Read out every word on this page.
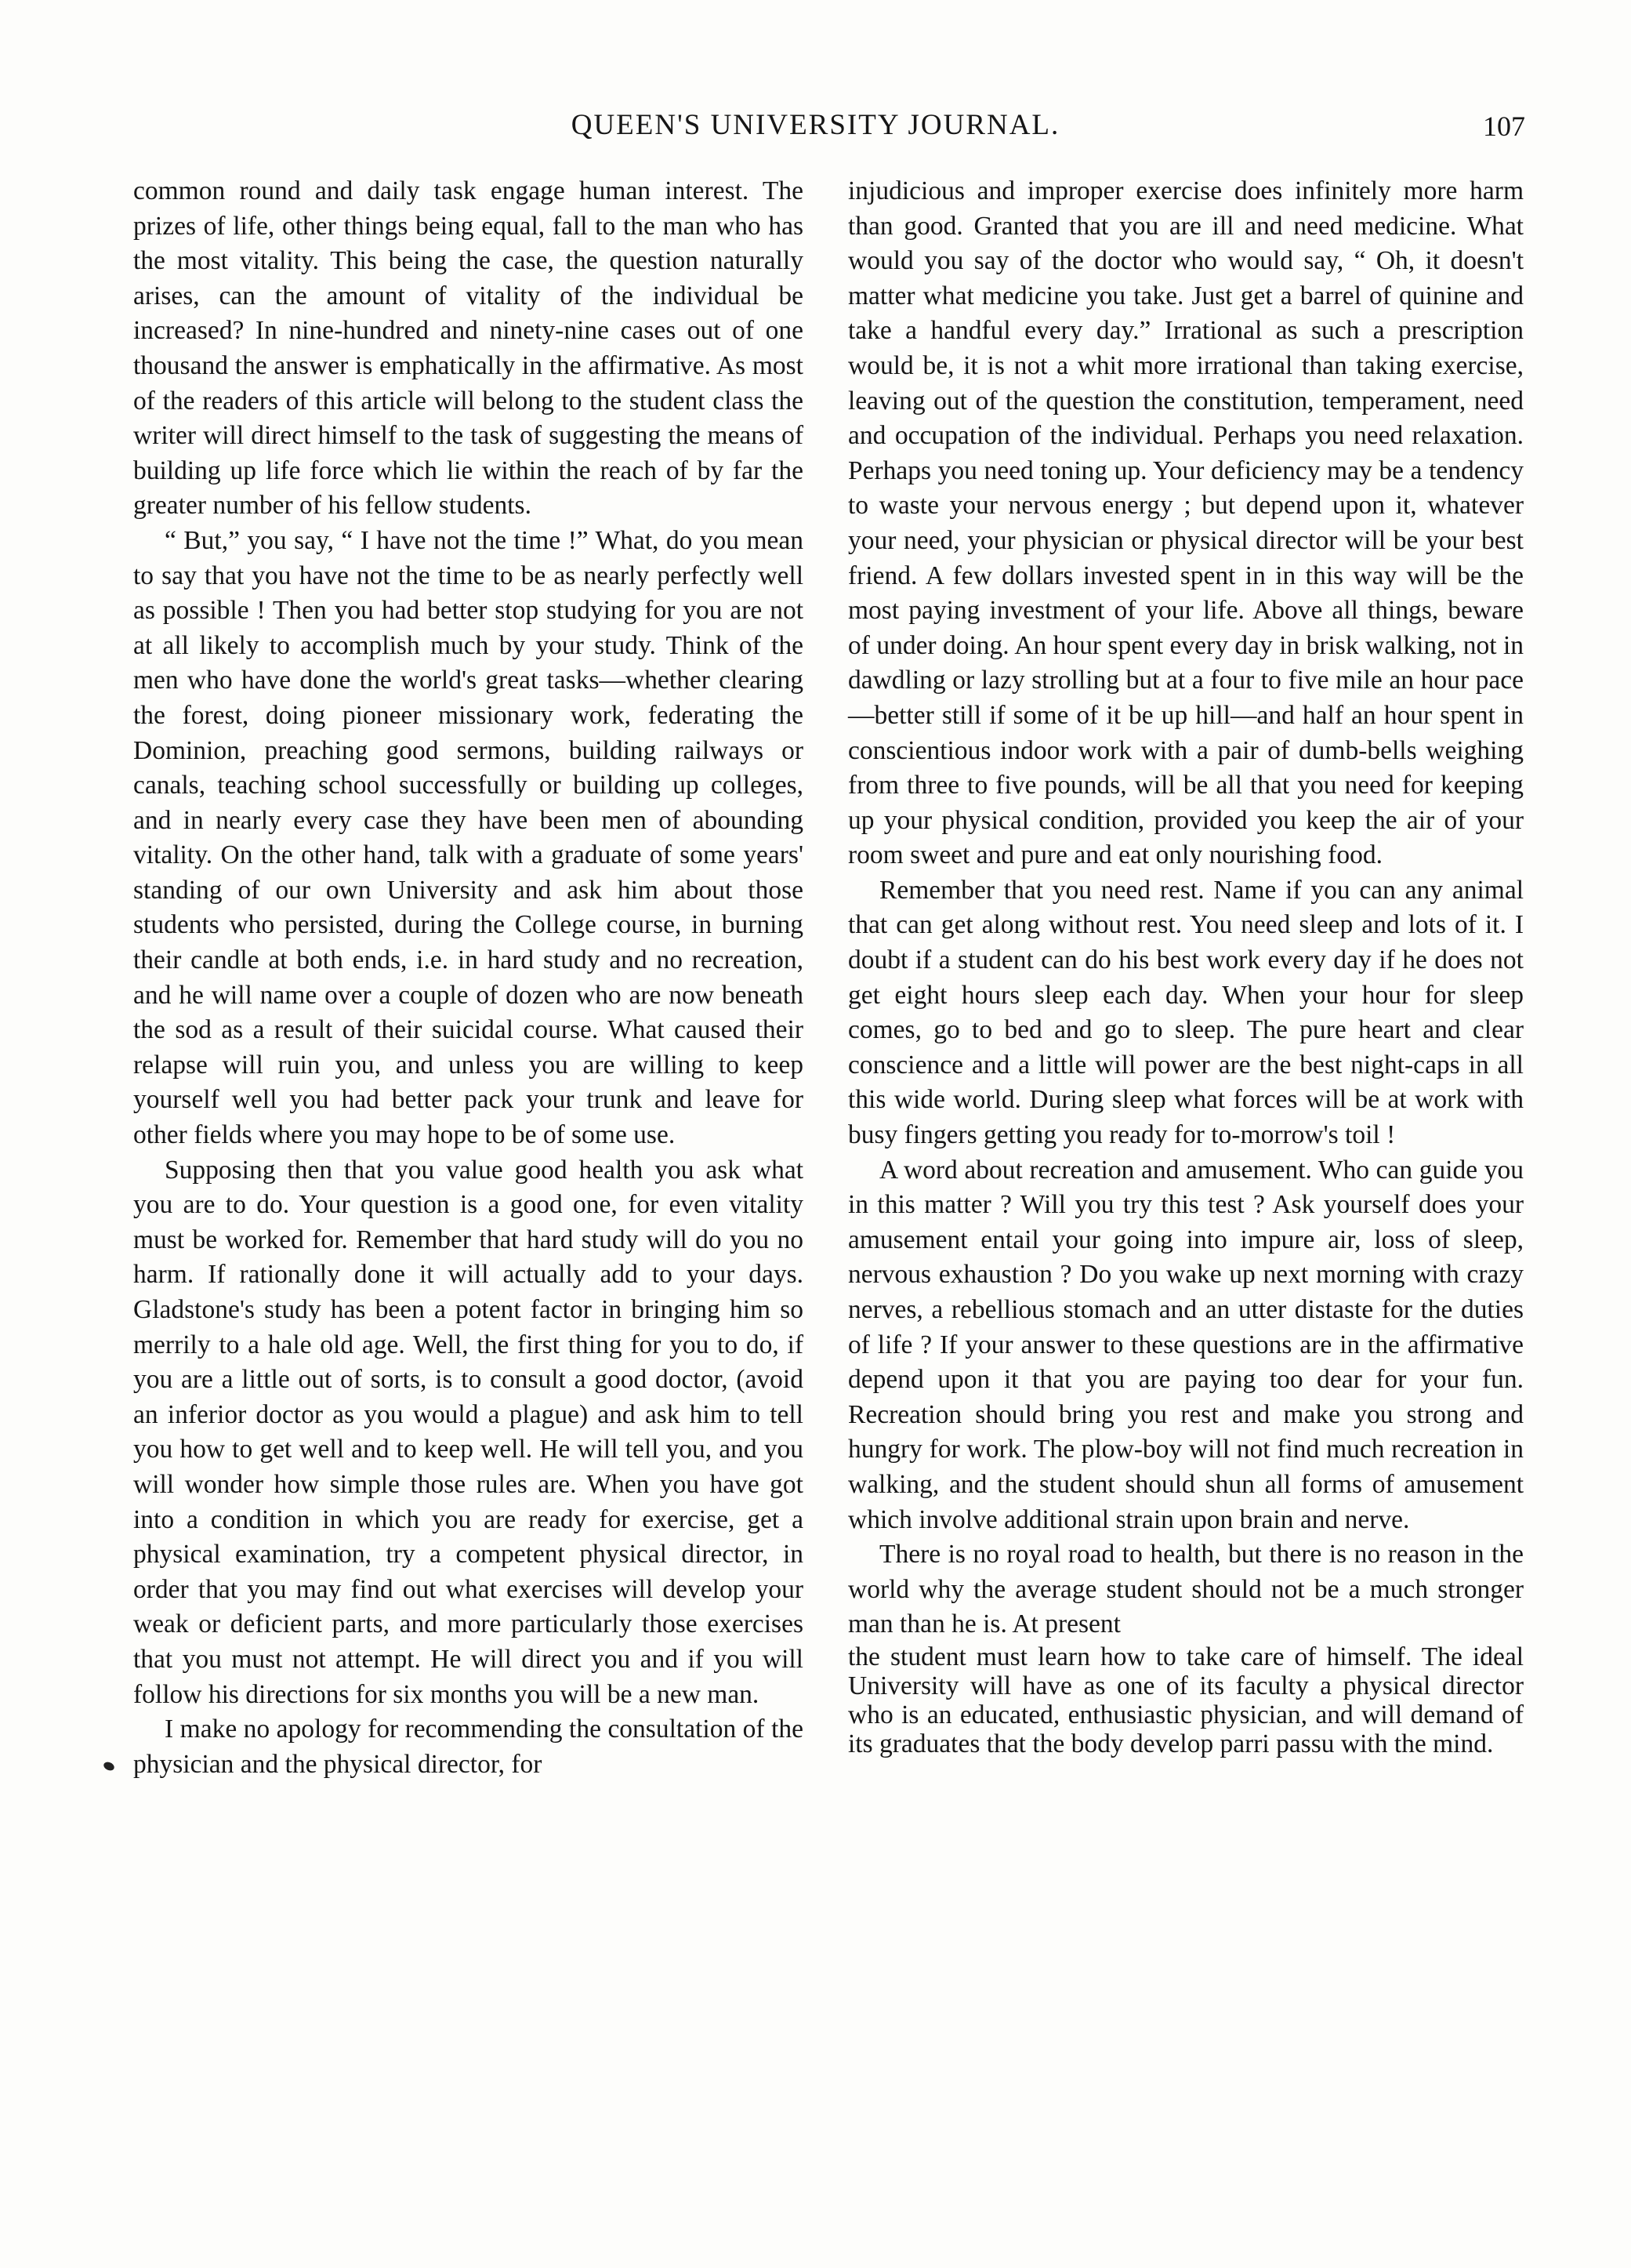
QUEEN'S UNIVERSITY JOURNAL.	107

common round and daily task engage human interest. The prizes of life, other things being equal, fall to the man who has the most vitality. This being the case, the question naturally arises, can the amount of vitality of the individual be increased? In nine-hundred and ninety-nine cases out of one thousand the answer is emphatically in the affirmative. As most of the readers of this article will belong to the student class the writer will direct himself to the task of suggesting the means of building up life force which lie within the reach of by far the greater number of his fellow students.

“ But,” you say, “ I have not the time !” What, do you mean to say that you have not the time to be as nearly perfectly well as possible ! Then you had better stop studying for you are not at all likely to accomplish much by your study. Think of the men who have done the world's great tasks—whether clearing the forest, doing pioneer missionary work, federating the Dominion, preaching good sermons, building railways or canals, teaching school successfully or building up colleges, and in nearly every case they have been men of abounding vitality. On the other hand, talk with a graduate of some years' standing of our own University and ask him about those students who persisted, during the College course, in burning their candle at both ends, i.e. in hard study and no recreation, and he will name over a couple of dozen who are now beneath the sod as a result of their suicidal course. What caused their relapse will ruin you, and unless you are willing to keep yourself well you had better pack your trunk and leave for other fields where you may hope to be of some use.

Supposing then that you value good health you ask what you are to do. Your question is a good one, for even vitality must be worked for. Remember that hard study will do you no harm. If rationally done it will actually add to your days. Gladstone's study has been a potent factor in bringing him so merrily to a hale old age. Well, the first thing for you to do, if you are a little out of sorts, is to consult a good doctor, (avoid an inferior doctor as you would a plague) and ask him to tell you how to get well and to keep well. He will tell you, and you will wonder how simple those rules are. When you have got into a condition in which you are ready for exercise, get a physical examination, try a competent physical director, in order that you may find out what exercises will develop your weak or deficient parts, and more particularly those exercises that you must not attempt. He will direct you and if you will follow his directions for six months you will be a new man.

I make no apology for recommending the consultation of the physician and the physical director, for

injudicious and improper exercise does infinitely more harm than good. Granted that you are ill and need medicine. What would you say of the doctor who would say, “ Oh, it doesn't matter what medicine you take. Just get a barrel of quinine and take a handful every day.” Irrational as such a prescription would be, it is not a whit more irrational than taking exercise, leaving out of the question the constitution, temperament, need and occupation of the individual. Perhaps you need relaxation. Perhaps you need toning up. Your deficiency may be a tendency to waste your nervous energy ; but depend upon it, whatever your need, your physician or physical director will be your best friend. A few dollars invested spent in in this way will be the most paying investment of your life. Above all things, beware of under doing. An hour spent every day in brisk walking, not in dawdling or lazy strolling but at a four to five mile an hour pace—better still if some of it be up hill—and half an hour spent in conscientious indoor work with a pair of dumb-bells weighing from three to five pounds, will be all that you need for keeping up your physical condition, provided you keep the air of your room sweet and pure and eat only nourishing food.

Remember that you need rest. Name if you can any animal that can get along without rest. You need sleep and lots of it. I doubt if a student can do his best work every day if he does not get eight hours sleep each day. When your hour for sleep comes, go to bed and go to sleep. The pure heart and clear conscience and a little will power are the best night-caps in all this wide world. During sleep what forces will be at work with busy fingers getting you ready for to-morrow's toil !

A word about recreation and amusement. Who can guide you in this matter ? Will you try this test ? Ask yourself does your amusement entail your going into impure air, loss of sleep, nervous exhaustion ? Do you wake up next morning with crazy nerves, a rebellious stomach and an utter distaste for the duties of life ? If your answer to these questions are in the affirmative depend upon it that you are paying too dear for your fun. Recreation should bring you rest and make you strong and hungry for work. The plow-boy will not find much recreation in walking, and the student should shun all forms of amusement which involve additional strain upon brain and nerve.

There is no royal road to health, but there is no reason in the world why the average student should not be a much stronger man than he is. At present

the student must learn how to take care of himself. The ideal University will have as one of its faculty a physical director who is an educated, enthusiastic physician, and will demand of its graduates that the body develop parri passu with the mind.
